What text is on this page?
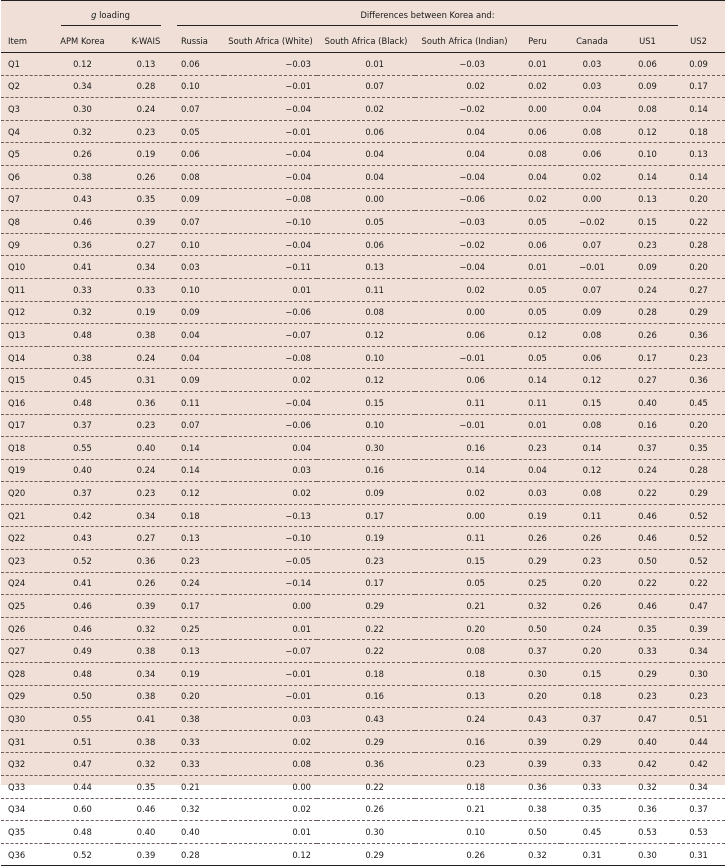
	g loading			Differences between Korea and:						
Item	APM Korea	K-WAIS	Russia	South Africa (White)	South Africa (Black)	South Africa (Indian)	Peru	Canada	US1	US2
Q1	0.12	0.13	0.06	−0.03	0.01	−0.03	0.01	0.03	0.06	0.09
Q2	0.34	0.28	0.10	−0.01	0.07	0.02	0.02	0.03	0.09	0.17
Q3	0.30	0.24	0.07	−0.04	0.02	−0.02	0.00	0.04	0.08	0.14
Q4	0.32	0.23	0.05	−0.01	0.06	0.04	0.06	0.08	0.12	0.18
Q5	0.26	0.19	0.06	−0.04	0.04	0.04	0.08	0.06	0.10	0.13
Q6	0.38	0.26	0.08	−0.04	0.04	−0.04	0.04	0.02	0.14	0.14
Q7	0.43	0.35	0.09	−0.08	0.00	−0.06	0.02	0.00	0.13	0.20
Q8	0.46	0.39	0.07	−0.10	0.05	−0.03	0.05	−0.02	0.15	0.22
Q9	0.36	0.27	0.10	−0.04	0.06	−0.02	0.06	0.07	0.23	0.28
Q10	0.41	0.34	0.03	−0.11	0.13	−0.04	0.01	−0.01	0.09	0.20
Q11	0.33	0.33	0.10	0.01	0.11	0.02	0.05	0.07	0.24	0.27
Q12	0.32	0.19	0.09	−0.06	0.08	0.00	0.05	0.09	0.28	0.29
Q13	0.48	0.38	0.04	−0.07	0.12	0.06	0.12	0.08	0.26	0.36
Q14	0.38	0.24	0.04	−0.08	0.10	−0.01	0.05	0.06	0.17	0.23
Q15	0.45	0.31	0.09	0.02	0.12	0.06	0.14	0.12	0.27	0.36
Q16	0.48	0.36	0.11	−0.04	0.15	0.11	0.11	0.15	0.40	0.45
Q17	0.37	0.23	0.07	−0.06	0.10	−0.01	0.01	0.08	0.16	0.20
Q18	0.55	0.40	0.14	0.04	0.30	0.16	0.23	0.14	0.37	0.35
Q19	0.40	0.24	0.14	0.03	0.16	0.14	0.04	0.12	0.24	0.28
Q20	0.37	0.23	0.12	0.02	0.09	0.02	0.03	0.08	0.22	0.29
Q21	0.42	0.34	0.18	−0.13	0.17	0.00	0.19	0.11	0.46	0.52
Q22	0.43	0.27	0.13	−0.10	0.19	0.11	0.26	0.26	0.46	0.52
Q23	0.52	0.36	0.23	−0.05	0.23	0.15	0.29	0.23	0.50	0.52
Q24	0.41	0.26	0.24	−0.14	0.17	0.05	0.25	0.20	0.22	0.22
Q25	0.46	0.39	0.17	0.00	0.29	0.21	0.32	0.26	0.46	0.47
Q26	0.46	0.32	0.25	0.01	0.22	0.20	0.50	0.24	0.35	0.39
Q27	0.49	0.38	0.13	−0.07	0.22	0.08	0.37	0.20	0.33	0.34
Q28	0.48	0.34	0.19	−0.01	0.18	0.18	0.30	0.15	0.29	0.30
Q29	0.50	0.38	0.20	−0.01	0.16	0.13	0.20	0.18	0.23	0.23
Q30	0.55	0.41	0.38	0.03	0.43	0.24	0.43	0.37	0.47	0.51
Q31	0.51	0.38	0.33	0.02	0.29	0.16	0.39	0.29	0.40	0.44
Q32	0.47	0.32	0.33	0.08	0.36	0.23	0.39	0.33	0.42	0.42
Q33	0.44	0.35	0.21	0.00	0.22	0.18	0.36	0.33	0.32	0.34
Q34	0.60	0.46	0.32	0.02	0.26	0.21	0.38	0.35	0.36	0.37
Q35	0.48	0.40	0.40	0.01	0.30	0.10	0.50	0.45	0.53	0.53
Q36	0.52	0.39	0.28	0.12	0.29	0.26	0.32	0.31	0.30	0.31
